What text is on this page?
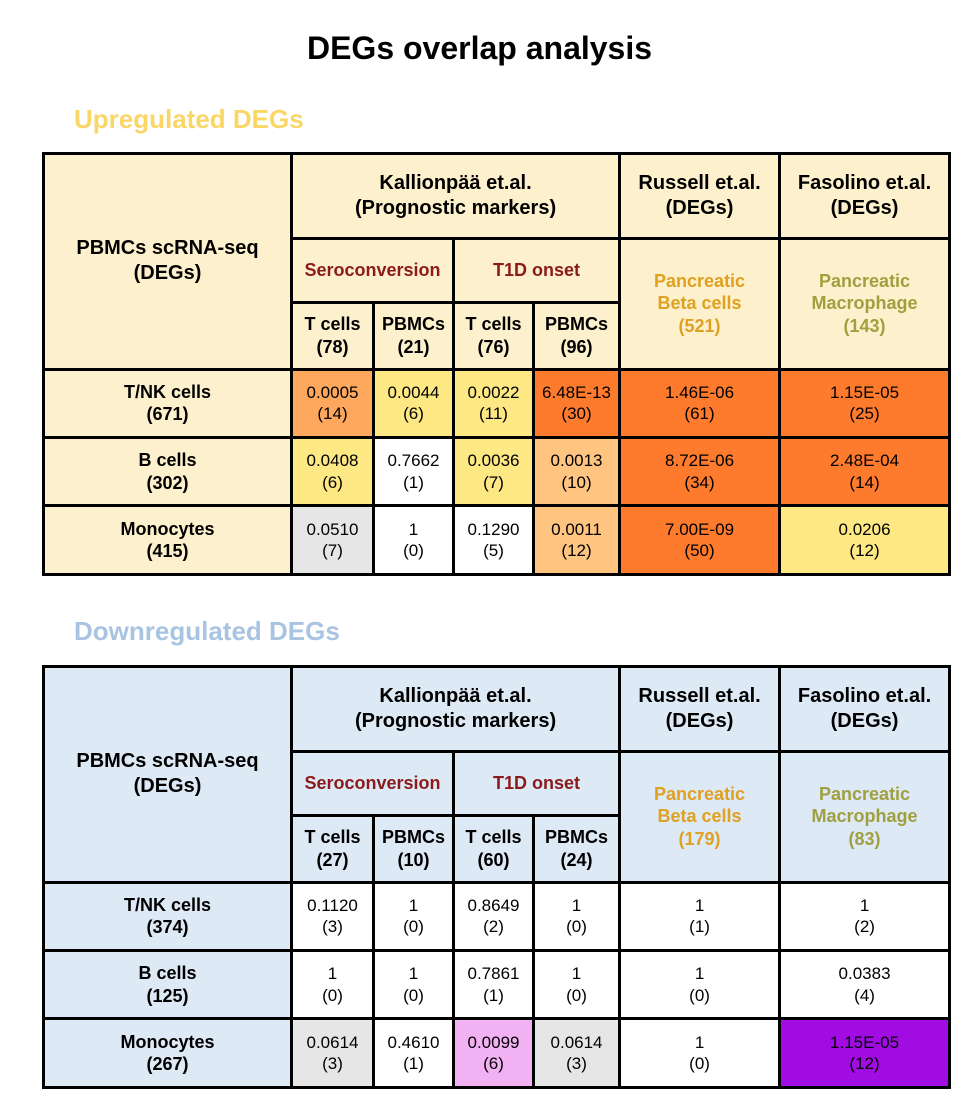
DEGs overlap analysis
Upregulated DEGs
PBMCs scRNA-seq
(DEGs)	Kallionpää et.al.
(Prognostic markers)				Russell et.al.
(DEGs)	Fasolino et.al.
(DEGs)

	Seroconversion		T1D onset		Pancreatic
Beta cells
(521)	Pancreatic
Macrophage
(143)

	T cells
(78)	PBMCs
(21)	T cells
(76)	PBMCs
(96)		

T/NK cells
(671)	0.0005
(14)	0.0044
(6)	0.0022
(11)	6.48E-13
(30)	1.46E-06
(61)	1.15E-05
(25)

B cells
(302)	0.0408
(6)	0.7662
(1)	0.0036
(7)	0.0013
(10)	8.72E-06
(34)	2.48E-04
(14)

Monocytes
(415)	0.0510
(7)	1
(0)	0.1290
(5)	0.0011
(12)	7.00E-09
(50)	0.0206
(12)
Downregulated DEGs
PBMCs scRNA-seq
(DEGs)	Kallionpää et.al.
(Prognostic markers)				Russell et.al.
(DEGs)	Fasolino et.al.
(DEGs)

	Seroconversion		T1D onset		Pancreatic
Beta cells
(179)	Pancreatic
Macrophage
(83)

	T cells
(27)	PBMCs
(10)	T cells
(60)	PBMCs
(24)		

T/NK cells
(374)	0.1120
(3)	1
(0)	0.8649
(2)	1
(0)	1
(1)	1
(2)

B cells
(125)	1
(0)	1
(0)	0.7861
(1)	1
(0)	1
(0)	0.0383
(4)

Monocytes
(267)	0.0614
(3)	0.4610
(1)	0.0099
(6)	0.0614
(3)	1
(0)	1.15E-05
(12)
